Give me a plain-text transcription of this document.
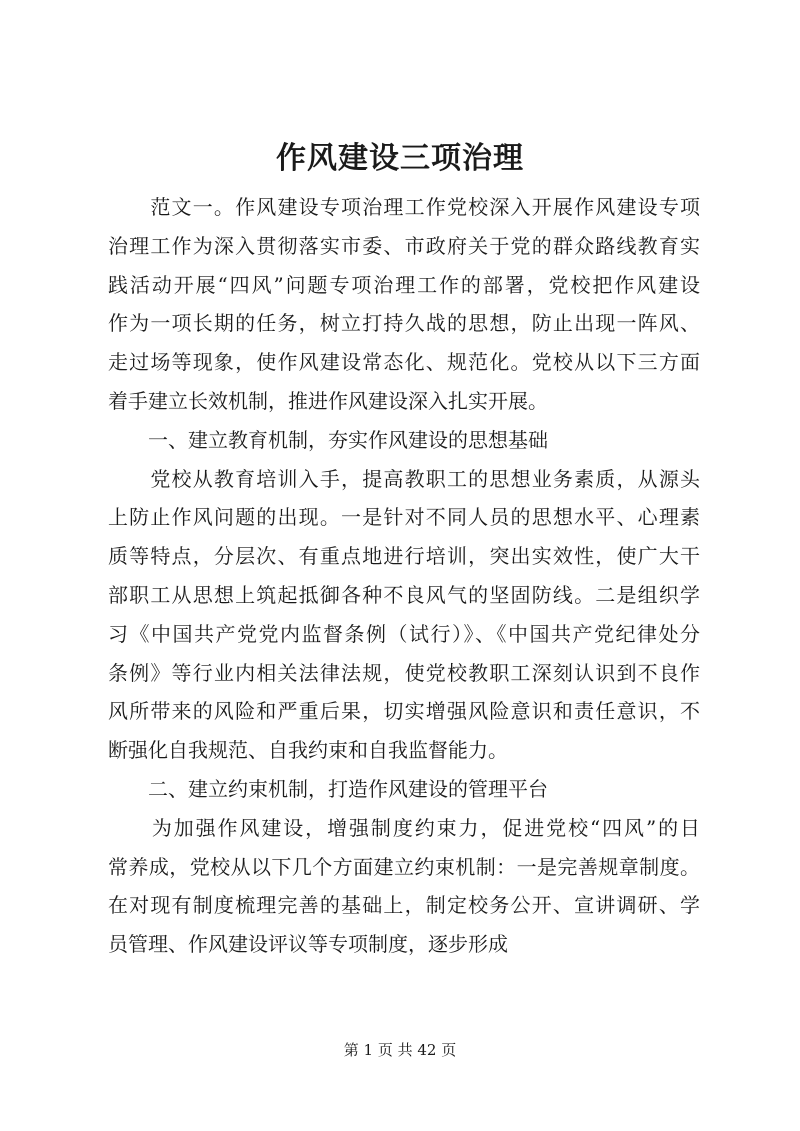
作风建设三项治理
　　范文一。作风建设专项治理工作党校深入开展作风建设专项
治理工作为深入贯彻落实市委、市政府关于党的群众路线教育实
践活动开展“四风”问题专项治理工作的部署，党校把作风建设
作为一项长期的任务，树立打持久战的思想，防止出现一阵风、
走过场等现象，使作风建设常态化、规范化。党校从以下三方面
着手建立长效机制，推进作风建设深入扎实开展。
　　一、建立教育机制，夯实作风建设的思想基础
　　党校从教育培训入手，提高教职工的思想业务素质，从源头
上防止作风问题的出现。一是针对不同人员的思想水平、心理素
质等特点，分层次、有重点地进行培训，突出实效性，使广大干
部职工从思想上筑起抵御各种不良风气的坚固防线。二是组织学
习《中国共产党党内监督条例（试行）》、《中国共产党纪律处分
条例》等行业内相关法律法规，使党校教职工深刻认识到不良作
风所带来的风险和严重后果，切实增强风险意识和责任意识，不
断强化自我规范、自我约束和自我监督能力。
　　二、建立约束机制，打造作风建设的管理平台
　　为加强作风建设，增强制度约束力，促进党校“四风”的日
常养成，党校从以下几个方面建立约束机制：一是完善规章制度。
在对现有制度梳理完善的基础上，制定校务公开、宣讲调研、学
员管理、作风建设评议等专项制度，逐步形成
第 1 页 共 42 页
